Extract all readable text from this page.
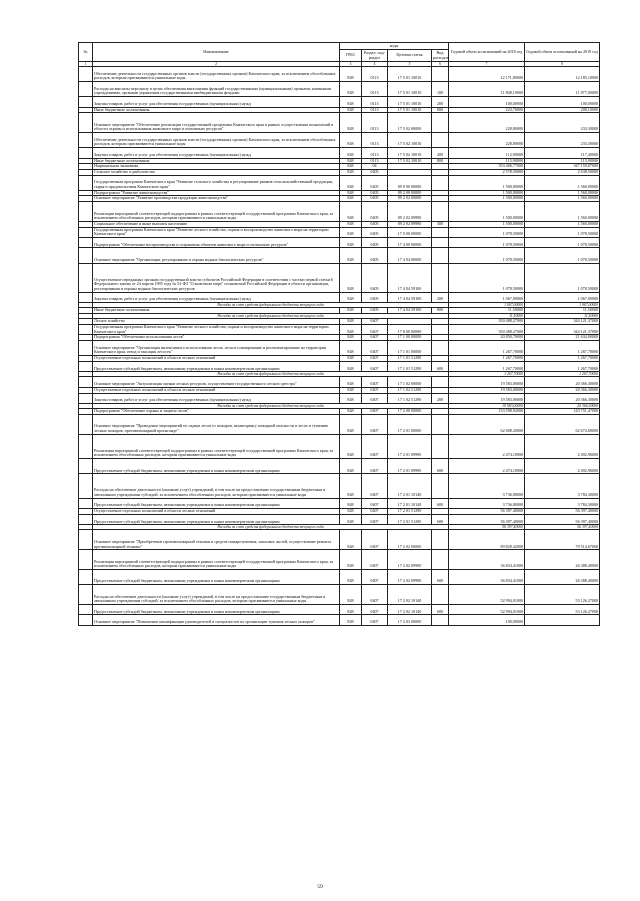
№	Наименование	коды				Годовой объем ассигнований на 2018 год	Годовой объем ассигнований на 2019 год
		ГРБС	Раздел, под-раздел	Целевая статья	Вид расходов		
1	2	3	4	5	6	7	8
	Обеспечение деятельности государственных органов власти (государственных органов) Камчатского края, за исключением обособленных расходов, которым присваиваются уникальные коды	848	0113	17 5 01 10010		12 171,80000	12 185,10000
	Расходы на выплаты персоналу в целях обеспечения выполнения функций государственными (муниципальными) органами, казенными учреждениями, органами управления государственными внебюджетными фондами	848	0113	17 5 01 10010	100	11 848,10000	11 877,00000
	Закупка товаров, работ и услуг для обеспечения государственных (муниципальных) нужд	848	0113	17 5 01 10010	200	100,00000	100,00000
	Иные бюджетные ассигнования	848	0113	17 5 01 10010	800	223,70000	208,10000
	Основное мероприятие "Обеспечение реализации государственной программы Камчатского края в рамках осуществления полномочий в области охраны и использования животного мира и охотничьих ресурсов"	848	0113	17 5 02 00000		228,80000	233,30000
	Обеспечение деятельности государственных органов власти (государственных органов) Камчатского края, за исключением обособленных расходов, которым присваиваются уникальные коды	848	0113	17 5 02 10010		228,80000	233,30000
	Закупка товаров, работ и услуг для обеспечения государственных (муниципальных) нужд	848	0113	17 5 02 10010	200	112,90000	117,40000
	Иные бюджетные ассигнования	848	0113	17 5 02 10010	800	115,90000	115,90000
	Национальная экономика	848	04			353 466,77000	347 159,87000
	Сельское хозяйство и рыболовство	848	0405			2 578,50000	2 638,50000
	Государственная программа Камчатского края "Развитие сельского хозяйства и регулирование рынков сельскохозяйственной продукции, сырья и продовольствия Камчатского края"	848	0405	09 0 00 00000		1 500,00000	1 560,00000
	Подпрограмма "Развитие животноводства"	848	0405	09 2 00 00000		1 500,00000	1 560,00000
	Основное мероприятие "Развитие производства продукции животноводства"	848	0405	09 2 02 00000		1 500,00000	1 560,00000
	Реализация мероприятий соответствующей подпрограммы в рамках соответствующей государственной программы Камчатского края, за исключением обособленных расходов, которым присваиваются уникальные коды	848	0405	09 2 02 09990		1 500,00000	1 560,00000
	Социальное обеспечение и иные выплаты населению	848	0405	09 2 02 09990	300	1 500,00000	1 560,00000
	Государственная программа Камчатского края "Развитие лесного хозяйства, охрана и воспроизводство животного мира на территории Камчатского края"	848	0405	17 0 00 00000		1 078,50000	1 078,50000
	Подпрограмма "Обеспечение воспроизводства и сохранения объектов животного мира и охотничьих ресурсов"	848	0405	17 4 00 00000		1 078,50000	1 078,50000
	Основное мероприятие "Организация, регулирование и охрана водных биологических ресурсов"	848	0405	17 4 04 00000		1 078,50000	1 078,50000
	Осуществление переданных органам государственной власти субъектов Российской Федерации в соответствии с частью первой статьи 6 Федерального закона от 24 апреля 1995 года № 52-ФЗ "О животном мире" полномочий Российской Федерации в области организации, регулирования и охраны водных биологических ресурсов	848	0405	17 4 04 59100		1 078,50000	1 078,50000
	Закупка товаров, работ и услуг для обеспечения государственных (муниципальных) нужд	848	0405	17 4 04 59100	200	1 067,00000	1 067,00000
	Расходы за счет средств федерального бюджета текущего года					1 067,00000	1 067,00000
	Иные бюджетные ассигнования	848	0405	17 4 04 59100	800	11,50000	11,50000
	Расходы за счет средств федерального бюджета текущего года					11,50000	11,50000
	Лесное хозяйство	848	0407			350 488,27000	344 121,37000
	Государственная программа Камчатского края "Развитие лесного хозяйства, охрана и воспроизводство животного мира на территории Камчатского края"	848	0407	17 0 00 00000		350 488,27000	344 121,37000
	Подпрограмма "Обеспечение использования лесов"	848	0407	17 1 00 00000		20 850,70000	21 634,00000
	Основное мероприятие "Организация интенсивного использования лесов, лесное планирование и регламентирование на территории Камчатского края, отвод и таксация лесосек"	848	0407	17 1 01 00000		1 267,70000	1 267,70000
	Осуществление отдельных полномочий в области лесных отношений	848	0407	17 1 01 51290		1 267,70000	1 267,70000
	Предоставление субсидий бюджетным, автономным учреждениям и иным некоммерческим организациям	848	0407	17 1 01 51290	600	1 267,70000	1 267,70000
	Расходы за счет средств федерального бюджета текущего года					1 267,70000	1 267,70000
	Основное мероприятие "Актуализация оценки лесных ресурсов, осуществление государственного лесного реестра"	848	0407	17 1 02 00000		19 583,00000	20 366,30000
	Осуществление отдельных полномочий в области лесных отношений	848	0407	17 1 02 51290		19 583,00000	20 366,30000
	Закупка товаров, работ и услуг для обеспечения государственных (муниципальных) нужд	848	0407	17 1 02 51290	200	19 583,00000	20 366,30000
	Расходы за счет средств федерального бюджета текущего года					19 583,00000	20 366,30000
	Подпрограмма "Обеспечение охраны и защиты лесов"	848	0407	17 2 00 00000		153 598,92000	143 751,47000
	Основное мероприятие "Проведение мероприятий по охране лесов от пожаров, мониторингу пожарной опасности в лесах и тушению лесных пожаров, противопожарной пропаганде"	848	0407	17 2 01 00000		62 608,20000	62 674,60000
	Реализация мероприятий соответствующей подпрограммы в рамках соответствующей государственной программы Камчатского края, за исключением обособленных расходов, которым присваиваются уникальные коды	848	0407	17 2 01 09990		2 474,10000	2 492,90000
	Предоставление субсидий бюджетным, автономным учреждениям и иным некоммерческим организациям	848	0407	17 2 01 09990	600	2 474,10000	2 492,90000
	Расходы на обеспечение деятельности (оказание услуг) учреждений, в том числе на предоставление государственным бюджетным и автономным учреждениям субсидий, за исключением обособленных расходов, которым присваиваются уникальные коды	848	0407	17 2 01 10140		3 736,80000	3 784,30000
	Предоставление субсидий бюджетным, автономным учреждениям и иным некоммерческим организациям	848	0407	17 2 01 10140	600	3 736,80000	3 784,30000
	Осуществление отдельных полномочий в области лесных отношений	848	0407	17 2 01 51290		56 397,40000	56 397,40000
	Предоставление субсидий бюджетным, автономным учреждениям и иным некоммерческим организациям	848	0407	17 2 01 51290	600	56 397,40000	56 397,40000
	Расходы за счет средств федерального бюджета текущего года					56 397,40000	56 397,40000
	Основное мероприятие "Приобретение противопожарной техники и средств пожаротушения, запасных частей, осуществление ремонта противопожарной техники"	848	0407	17 2 02 00000		89 828,42000	79 514,67000
	Реализация мероприятий соответствующей подпрограммы в рамках соответствующей государственной программы Камчатского края, за исключением обособленных расходов, которым присваиваются уникальные коды	848	0407	17 2 02 09990		36 834,41000	26 388,40000
	Предоставление субсидий бюджетным, автономным учреждениям и иным некоммерческим организациям	848	0407	17 2 02 09990	600	36 834,41000	26 388,40000
	Расходы на обеспечение деятельности (оказание услуг) учреждений, в том числе на предоставление государственным бюджетным и автономным учреждениям субсидий, за исключением обособленных расходов, которым присваиваются уникальные коды	848	0407	17 2 02 10140		52 994,01000	53 126,27000
	Предоставление субсидий бюджетным, автономным учреждениям и иным некоммерческим организациям	848	0407	17 2 02 10140	600	52 994,01000	53 126,27000
	Основное мероприятие "Повышение квалификации руководителей и специалистов по организации тушения лесных пожаров"	848	0407	17 2 03 00000		100,00000	
59
